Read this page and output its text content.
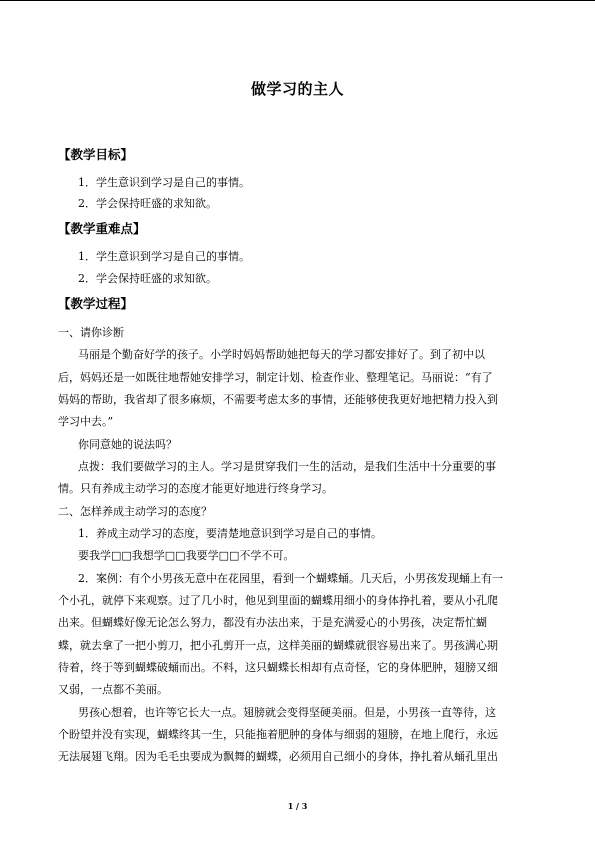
做学习的主人
【教学目标】
1．学生意识到学习是自己的事情。
2．学会保持旺盛的求知欲。
【教学重难点】
1．学生意识到学习是自己的事情。
2．学会保持旺盛的求知欲。
【教学过程】
一、请你诊断
马丽是个勤奋好学的孩子。小学时妈妈帮助她把每天的学习都安排好了。到了初中以
后，妈妈还是一如既往地帮她安排学习，制定计划、检查作业、整理笔记。马丽说：“有了
妈妈的帮助，我省却了很多麻烦，不需要考虑太多的事情，还能够使我更好地把精力投入到
学习中去。”
你同意她的说法吗？
点拨：我们要做学习的主人。学习是贯穿我们一生的活动，是我们生活中十分重要的事
情。只有养成主动学习的态度才能更好地进行终身学习。
二、怎样养成主动学习的态度？
1．养成主动学习的态度，要清楚地意识到学习是自己的事情。
要我学□□我想学□□我要学□□不学不可。
2．案例：有个小男孩无意中在花园里，看到一个蝴蝶蛹。几天后，小男孩发现蛹上有一
个小孔，就停下来观察。过了几小时，他见到里面的蝴蝶用细小的身体挣扎着，要从小孔爬
出来。但蝴蝶好像无论怎么努力，都没有办法出来，于是充满爱心的小男孩，决定帮忙蝴
蝶，就去拿了一把小剪刀，把小孔剪开一点，这样美丽的蝴蝶就很容易出来了。男孩满心期
待着，终于等到蝴蝶破蛹而出。不料，这只蝴蝶长相却有点奇怪，它的身体肥肿，翅膀又细
又弱，一点都不美丽。
男孩心想着，也许等它长大一点。翅膀就会变得坚硬美丽。但是，小男孩一直等待，这
个盼望并没有实现，蝴蝶终其一生，只能拖着肥肿的身体与细弱的翅膀，在地上爬行，永远
无法展翅飞翔。因为毛毛虫要成为飘舞的蝴蝶，必须用自己细小的身体，挣扎着从蛹孔里出
1 / 3
